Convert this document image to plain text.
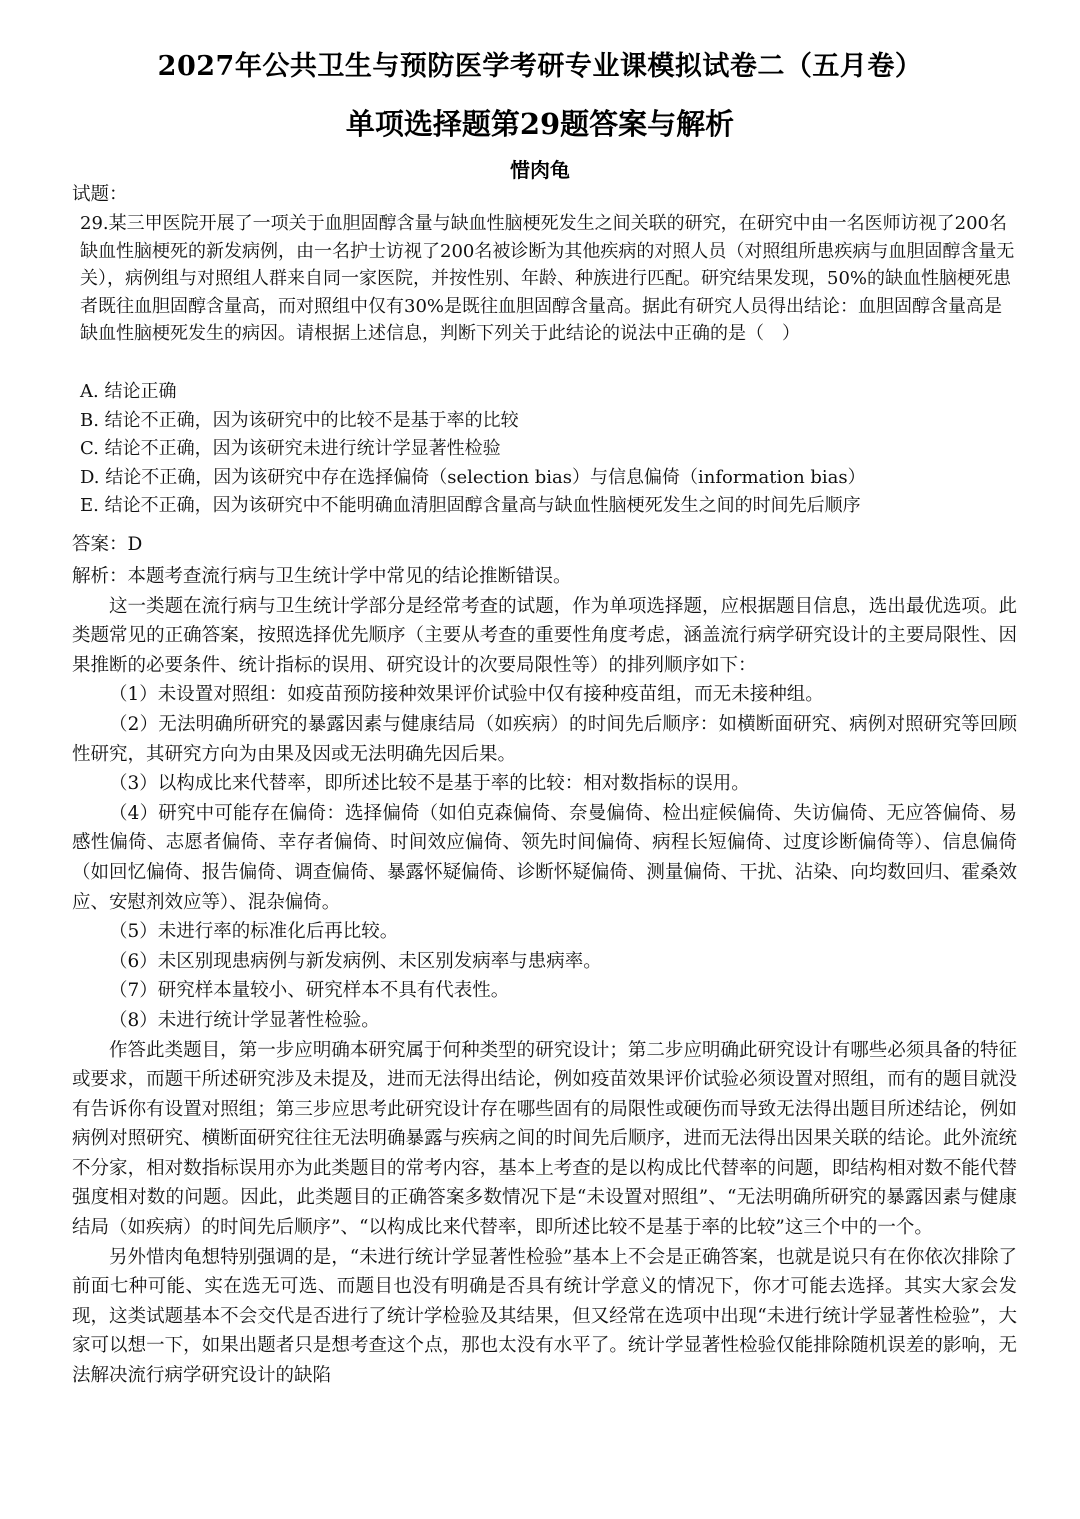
2027年公共卫生与预防医学考研专业课模拟试卷二（五月卷）
单项选择题第29题答案与解析
惜肉龟
试题：

29.某三甲医院开展了一项关于血胆固醇含量与缺血性脑梗死发生之间关联的研究，在研究中由一名医师访视了200名缺血性脑梗死的新发病例，由一名护士访视了200名被诊断为其他疾病的对照人员（对照组所患疾病与血胆固醇含量无关），病例组与对照组人群来自同一家医院，并按性别、年龄、种族进行匹配。研究结果发现，50%的缺血性脑梗死患者既往血胆固醇含量高，而对照组中仅有30%是既往血胆固醇含量高。据此有研究人员得出结论：血胆固醇含量高是缺血性脑梗死发生的病因。请根据上述信息，判断下列关于此结论的说法中正确的是（　）

A. 结论正确
B. 结论不正确，因为该研究中的比较不是基于率的比较
C. 结论不正确，因为该研究未进行统计学显著性检验
D. 结论不正确，因为该研究中存在选择偏倚（selection bias）与信息偏倚（information bias）
E. 结论不正确，因为该研究中不能明确血清胆固醇含量高与缺血性脑梗死发生之间的时间先后顺序
答案：D

解析：本题考查流行病与卫生统计学中常见的结论推断错误。

这一类题在流行病与卫生统计学部分是经常考查的试题，作为单项选择题，应根据题目信息，选出最优选项。此类题常见的正确答案，按照选择优先顺序（主要从考查的重要性角度考虑，涵盖流行病学研究设计的主要局限性、因果推断的必要条件、统计指标的误用、研究设计的次要局限性等）的排列顺序如下：

（1）未设置对照组：如疫苗预防接种效果评价试验中仅有接种疫苗组，而无未接种组。

（2）无法明确所研究的暴露因素与健康结局（如疾病）的时间先后顺序：如横断面研究、病例对照研究等回顾性研究，其研究方向为由果及因或无法明确先因后果。

（3）以构成比来代替率，即所述比较不是基于率的比较：相对数指标的误用。

（4）研究中可能存在偏倚：选择偏倚（如伯克森偏倚、奈曼偏倚、检出症候偏倚、失访偏倚、无应答偏倚、易感性偏倚、志愿者偏倚、幸存者偏倚、时间效应偏倚、领先时间偏倚、病程长短偏倚、过度诊断偏倚等）、信息偏倚（如回忆偏倚、报告偏倚、调查偏倚、暴露怀疑偏倚、诊断怀疑偏倚、测量偏倚、干扰、沾染、向均数回归、霍桑效应、安慰剂效应等）、混杂偏倚。

（5）未进行率的标准化后再比较。

（6）未区别现患病例与新发病例、未区别发病率与患病率。

（7）研究样本量较小、研究样本不具有代表性。

（8）未进行统计学显著性检验。

作答此类题目，第一步应明确本研究属于何种类型的研究设计；第二步应明确此研究设计有哪些必须具备的特征或要求，而题干所述研究涉及未提及，进而无法得出结论，例如疫苗效果评价试验必须设置对照组，而有的题目就没有告诉你有设置对照组；第三步应思考此研究设计存在哪些固有的局限性或硬伤而导致无法得出题目所述结论，例如病例对照研究、横断面研究往往无法明确暴露与疾病之间的时间先后顺序，进而无法得出因果关联的结论。此外流统不分家，相对数指标误用亦为此类题目的常考内容，基本上考查的是以构成比代替率的问题，即结构相对数不能代替强度相对数的问题。因此，此类题目的正确答案多数情况下是“未设置对照组”、“无法明确所研究的暴露因素与健康结局（如疾病）的时间先后顺序”、“以构成比来代替率，即所述比较不是基于率的比较”这三个中的一个。

另外惜肉龟想特别强调的是，“未进行统计学显著性检验”基本上不会是正确答案，也就是说只有在你依次排除了前面七种可能、实在选无可选、而题目也没有明确是否具有统计学意义的情况下，你才可能去选择。其实大家会发现，这类试题基本不会交代是否进行了统计学检验及其结果，但又经常在选项中出现“未进行统计学显著性检验”，大家可以想一下，如果出题者只是想考查这个点，那也太没有水平了。统计学显著性检验仅能排除随机误差的影响，无法解决流行病学研究设计的缺陷
